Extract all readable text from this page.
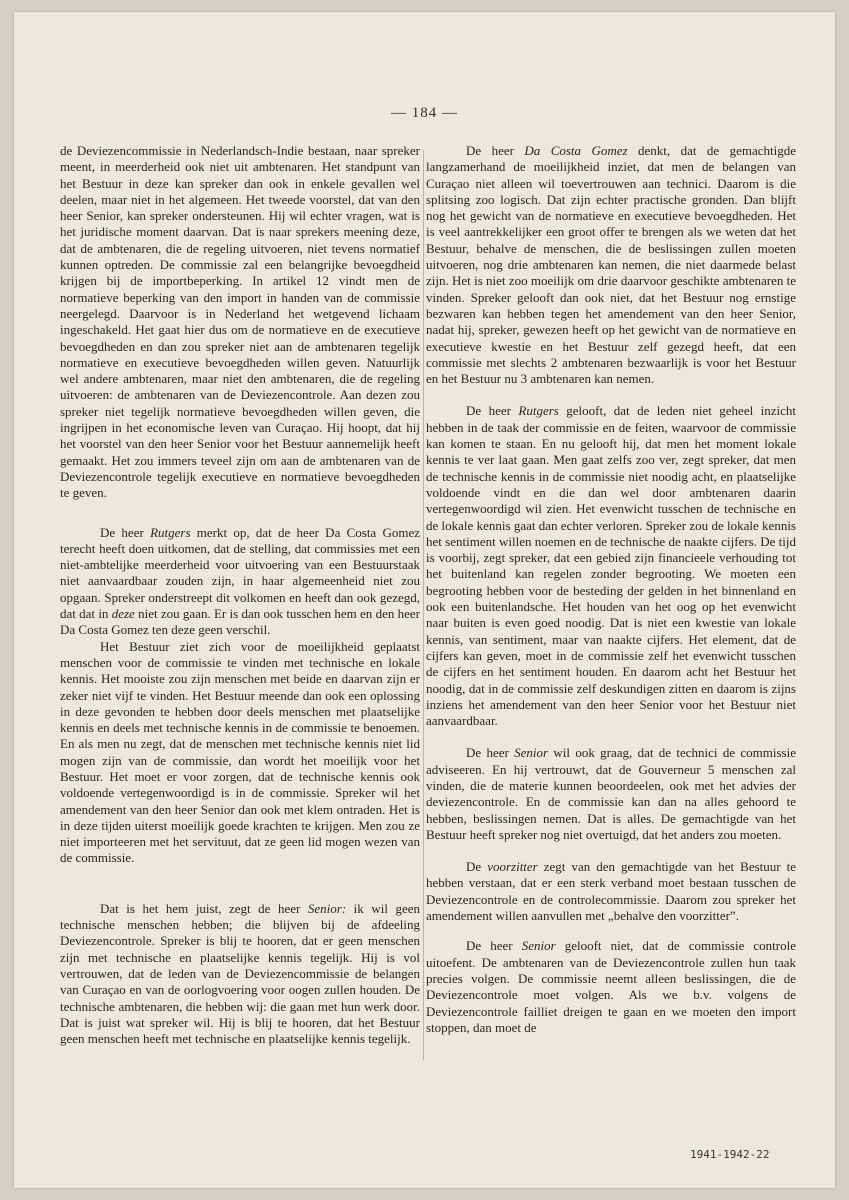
— 184 —

de Deviezencommissie in Nederlandsch-Indie bestaan, naar spreker meent, in meerderheid ook niet uit ambtenaren. Het standpunt van het Bestuur in deze kan spreker dan ook in enkele gevallen wel deelen, maar niet in het algemeen. Het tweede voorstel, dat van den heer Senior, kan spreker ondersteunen. Hij wil echter vragen, wat is het juridische moment daarvan. Dat is naar sprekers meening deze, dat de ambtenaren, die de regeling uitvoeren, niet tevens normatief kunnen optreden. De commissie zal een belangrijke bevoegdheid krijgen bij de importbeperking. In artikel 12 vindt men de normatieve beperking van den import in handen van de commissie neergelegd. Daarvoor is in Nederland het wetgevend lichaam ingeschakeld. Het gaat hier dus om de normatieve en de executieve bevoegdheden en dan zou spreker niet aan de ambtenaren tegelijk normatieve en executieve bevoegdheden willen geven. Natuurlijk wel andere ambtenaren, maar niet den ambtenaren, die de regeling uitvoeren: de ambtenaren van de Deviezencontrole. Aan dezen zou spreker niet tegelijk normatieve bevoegdheden willen geven, die ingrijpen in het economische leven van Curaçao. Hij hoopt, dat hij het voorstel van den heer Senior voor het Bestuur aannemelijk heeft gemaakt. Het zou immers teveel zijn om aan de ambtenaren van de Deviezencontrole tegelijk executieve en normatieve bevoegdheden te geven.

De heer Rutgers merkt op, dat de heer Da Costa Gomez terecht heeft doen uitkomen, dat de stelling, dat commissies met een niet-ambtelijke meerderheid voor uitvoering van een Bestuurstaak niet aanvaardbaar zouden zijn, in haar algemeenheid niet zou opgaan. Spreker onderstreept dit volkomen en heeft dan ook gezegd, dat dat in deze niet zou gaan. Er is dan ook tusschen hem en den heer Da Costa Gomez ten deze geen verschil.

Het Bestuur ziet zich voor de moeilijkheid geplaatst menschen voor de commissie te vinden met technische en lokale kennis. Het mooiste zou zijn menschen met beide en daarvan zijn er zeker niet vijf te vinden. Het Bestuur meende dan ook een oplossing in deze gevonden te hebben door deels menschen met plaatselijke kennis en deels met technische kennis in de commissie te benoemen. En als men nu zegt, dat de menschen met technische kennis niet lid mogen zijn van de commissie, dan wordt het moeilijk voor het Bestuur. Het moet er voor zorgen, dat de technische kennis ook voldoende vertegenwoordigd is in de commissie. Spreker wil het amendement van den heer Senior dan ook met klem ontraden. Het is in deze tijden uiterst moeilijk goede krachten te krijgen. Men zou ze niet importeeren met het servituut, dat ze geen lid mogen wezen van de commissie.

Dat is het hem juist, zegt de heer Senior: ik wil geen technische menschen hebben; die blijven bij de afdeeling Deviezencontrole. Spreker is blij te hooren, dat er geen menschen zijn met technische en plaatselijke kennis tegelijk. Hij is vol vertrouwen, dat de leden van de Deviezencommissie de belangen van Curaçao en van de oorlogvoering voor oogen zullen houden. De technische ambtenaren, die hebben wij: die gaan met hun werk door. Dat is juist wat spreker wil. Hij is blij te hooren, dat het Bestuur geen menschen heeft met technische en plaatselijke kennis tegelijk.

De heer Da Costa Gomez denkt, dat de gemachtigde langzamerhand de moeilijkheid inziet, dat men de belangen van Curaçao niet alleen wil toevertrouwen aan technici. Daarom is die splitsing zoo logisch. Dat zijn echter practische gronden. Dan blijft nog het gewicht van de normatieve en executieve bevoegdheden. Het is veel aantrekkelijker een groot offer te brengen als we weten dat het Bestuur, behalve de menschen, die de beslissingen zullen moeten uitvoeren, nog drie ambtenaren kan nemen, die niet daarmede belast zijn. Het is niet zoo moeilijk om drie daarvoor geschikte ambtenaren te vinden. Spreker gelooft dan ook niet, dat het Bestuur nog ernstige bezwaren kan hebben tegen het amendement van den heer Senior, nadat hij, spreker, gewezen heeft op het gewicht van de normatieve en executieve kwestie en het Bestuur zelf gezegd heeft, dat een commissie met slechts 2 ambtenaren bezwaarlijk is voor het Bestuur en het Bestuur nu 3 ambtenaren kan nemen.

De heer Rutgers gelooft, dat de leden niet geheel inzicht hebben in de taak der commissie en de feiten, waarvoor de commissie kan komen te staan. En nu gelooft hij, dat men het moment lokale kennis te ver laat gaan. Men gaat zelfs zoo ver, zegt spreker, dat men de technische kennis in de commissie niet noodig acht, en plaatselijke voldoende vindt en die dan wel door ambtenaren daarin vertegenwoordigd wil zien. Het evenwicht tusschen de technische en de lokale kennis gaat dan echter verloren. Spreker zou de lokale kennis het sentiment willen noemen en de technische de naakte cijfers. De tijd is voorbij, zegt spreker, dat een gebied zijn financieele verhouding tot het buitenland kan regelen zonder begrooting. We moeten een begrooting hebben voor de besteding der gelden in het binnenland en ook een buitenlandsche. Het houden van het oog op het evenwicht naar buiten is even goed noodig. Dat is niet een kwestie van lokale kennis, van sentiment, maar van naakte cijfers. Het element, dat de cijfers kan geven, moet in de commissie zelf het evenwicht tusschen de cijfers en het sentiment houden. En daarom acht het Bestuur het noodig, dat in de commissie zelf deskundigen zitten en daarom is zijns inziens het amendement van den heer Senior voor het Bestuur niet aanvaardbaar.

De heer Senior wil ook graag, dat de technici de commissie adviseeren. En hij vertrouwt, dat de Gouverneur 5 menschen zal vinden, die de materie kunnen beoordeelen, ook met het advies der deviezencontrole. En de commissie kan dan na alles gehoord te hebben, beslissingen nemen. Dat is alles. De gemachtigde van het Bestuur heeft spreker nog niet overtuigd, dat het anders zou moeten.

De voorzitter zegt van den gemachtigde van het Bestuur te hebben verstaan, dat er een sterk verband moet bestaan tusschen de Deviezencontrole en de controlecommissie. Daarom zou spreker het amendement willen aanvullen met „behalve den voorzitter”.

De heer Senior gelooft niet, dat de commissie controle uitoefent. De ambtenaren van de Deviezencontrole zullen hun taak precies volgen. De commissie neemt alleen beslissingen, die de Deviezencontrole moet volgen. Als we b.v. volgens de Deviezencontrole failliet dreigen te gaan en we moeten den import stoppen, dan moet de

1941-1942-22
